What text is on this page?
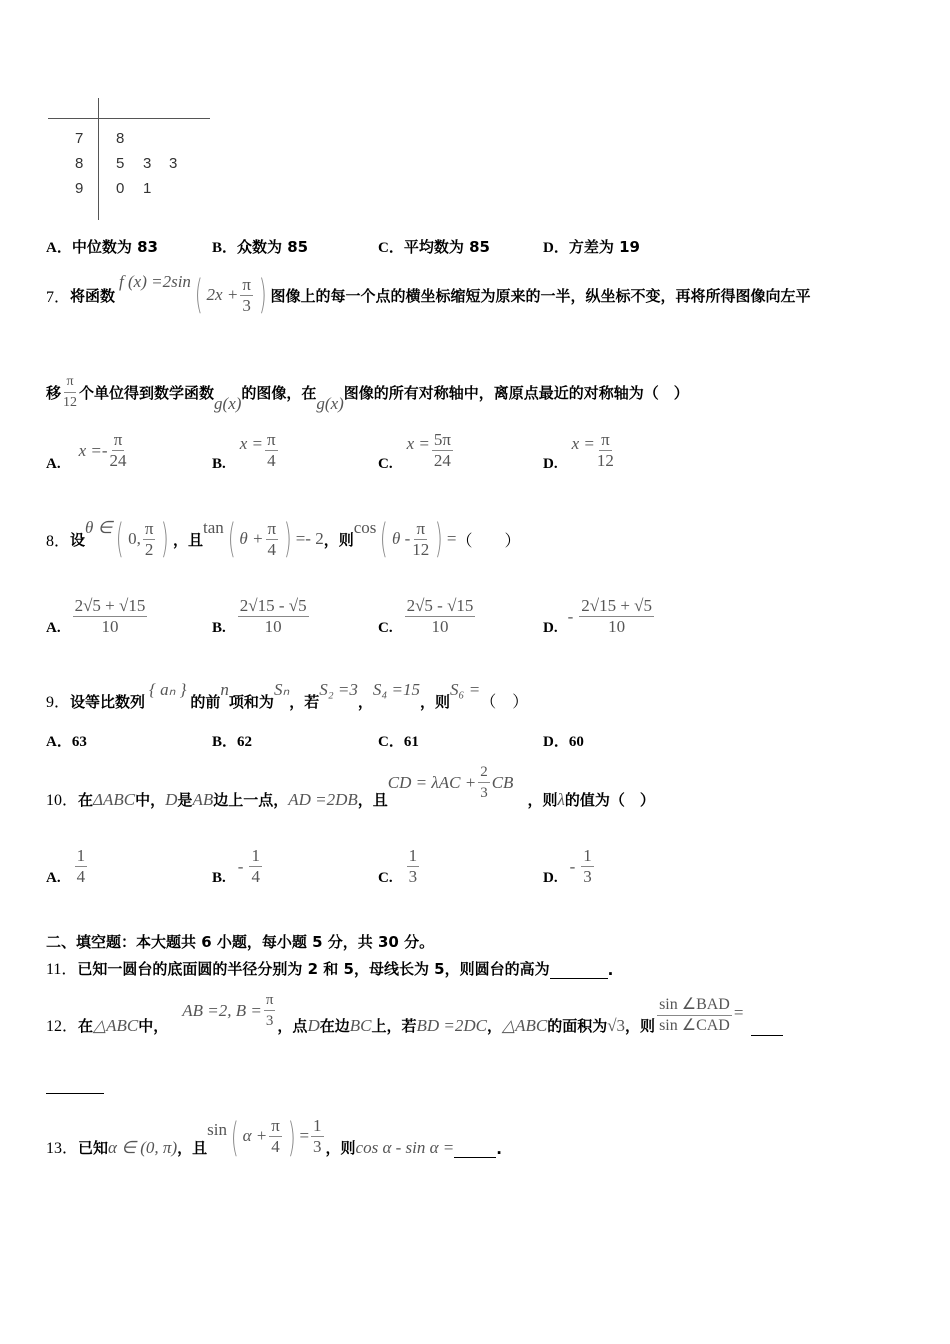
7 8
8 5 3 3
9 0 1
A．中位数为 83	B．众数为 85	C．平均数为 85	D．方差为 19
7． 将函数
f (x) =2sin ( $2x + \frac{\pi}{3}$ ) 图像上的每一个点的横坐标缩短为原来的一半，纵坐标不变，再将所得图像向左平
移 $\frac{\pi}{12}$ 个单位得到数学函数
g(x)
的图像，在
g(x)
图像的所有对称轴中，离原点最近的对称轴为（　）
A.
$x =- \frac{\pi}{24}$	B.
$x = \frac{\pi}{4}$	C.
$x = \frac{5\pi}{24}$	D.
$x = \frac{\pi}{12}$
8． 设
θ ∈ ( 0, $\frac{\pi}{2}$ ) ，且
tan ( $\theta + \frac{\pi}{4}$ ) =- 2 ，则
cos ( θ - $\frac{\pi}{12}$ ) = （　　）
A. $\frac{2√5 + √15}{10}$	B. $\frac{2√15 - √5}{10}$	C. $\frac{2√5 - √15}{10}$	D.
- $\frac{2√15 + √5}{10}$
9． 设等比数列
{ aₙ }
的前
n
项和为
Sₙ
，若
S₂ =3
，
S₄ =15
，则
S₆ =
（　）
A．63	B．62	C．61	D．60
10． 在 ΔABC 中， D 是 AB 边上一点， AD =2DB ，且
CD = $\lambda AC + \frac{2}{3}$ CB
，则 λ 的值为（　）
A. $\frac{1}{4}$	B.
- $\frac{1}{4}$	C. $\frac{1}{3}$	D.
- $\frac{1}{3}$
二、填空题：本大题共 6 小题，每小题 5 分，共 30 分。
11． 已知一圆台的底面圆的半径分别为 2 和 5，母线长为 5，则圆台的高为	.
12． 在 △ABC 中，
AB =2, $B = \frac{\pi}{3}$ ，点 D 在边 BC 上，若 BD =2DC ， △ABC 的面积为 √3 ，则 $\frac{\text{sin ∠BAD}}{\text{sin ∠CAD}}$ =
13． 已知 α ∈ (0, π) ，且
sin ( $\alpha + \frac{\pi}{4}$ ) = $\frac{1}{3}$ ，则 cos α - sin α =	.
